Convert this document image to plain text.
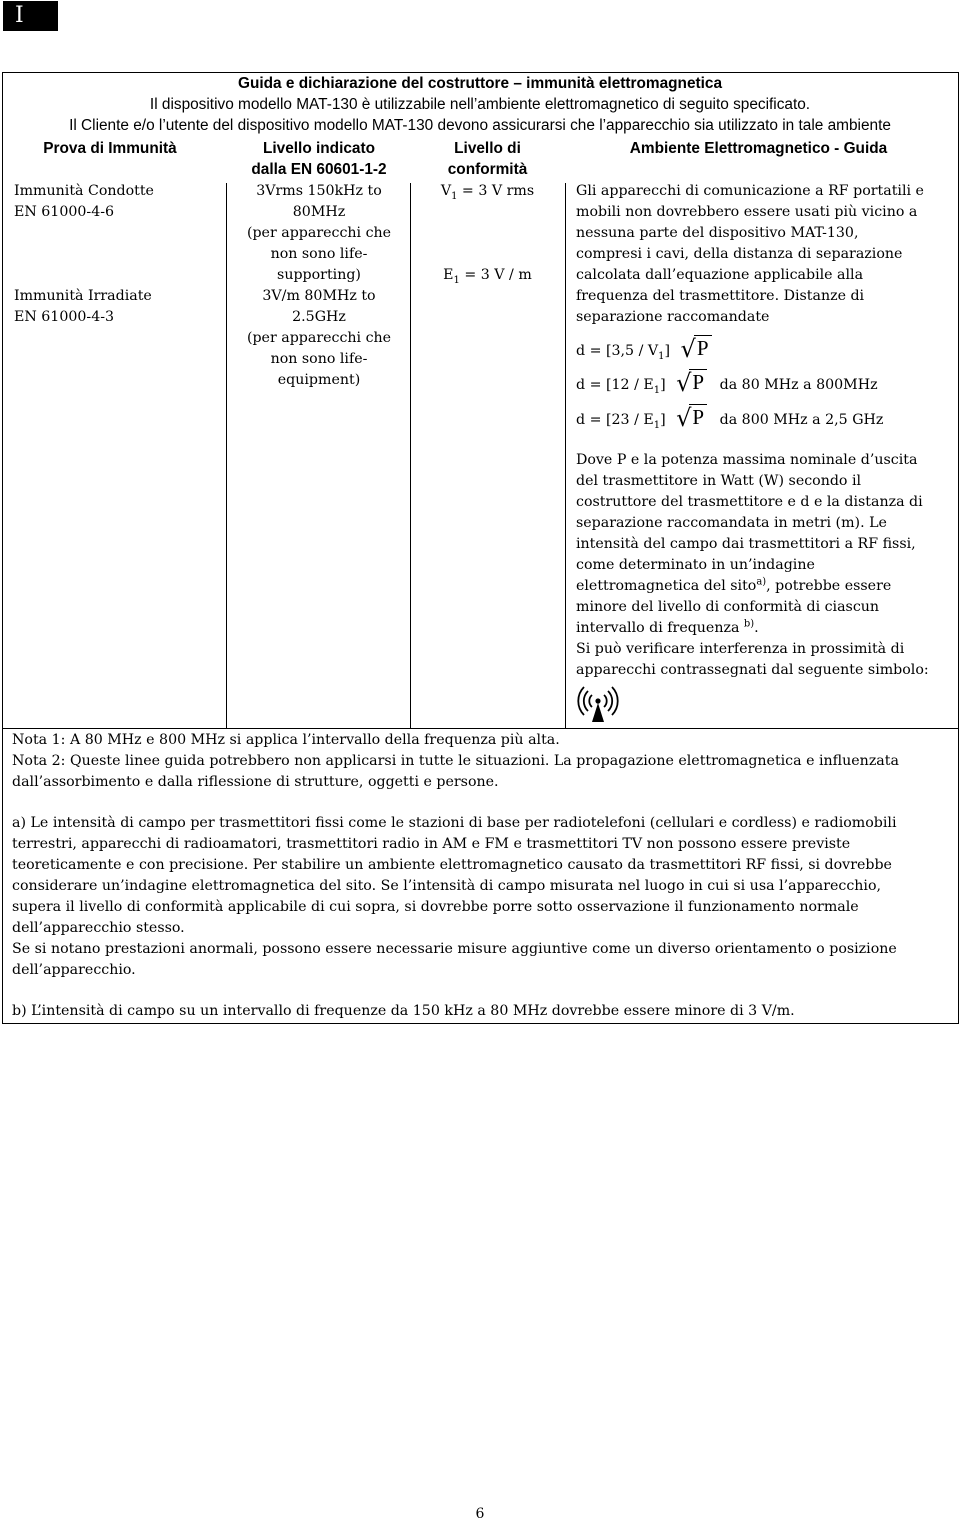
I
Guida e dichiarazione del costruttore – immunità elettromagnetica
Il dispositivo modello MAT-130 è utilizzabile nell’ambiente elettromagnetico di seguito specificato.
Il Cliente e/o l’utente del dispositivo modello MAT-130 devono assicurarsi che l’apparecchio sia utilizzato in tale ambiente
Prova di Immunità	Livello indicato
dalla EN 60601-1-2
Livello di
conformità
Ambiente Elettromagnetico - Guida
Immunità Condotte
EN 61000-4-6
Immunità Irradiate
EN 61000-4-3
3Vrms 150kHz to
80MHz
(per apparecchi che
non sono life-
supporting)
3V/m 80MHz to
2.5GHz
(per apparecchi che
non sono life-
equipment)
$V_1 = 3$ V rms
$E_1 = 3$ V / m
Gli apparecchi di comunicazione a RF portatili e
mobili non dovrebbero essere usati più vicino a
nessuna parte del dispositivo MAT-130,
compresi i cavi, della distanza di separazione
calcolata dall’equazione applicabile alla
frequenza del trasmettitore. Distanze di
separazione raccomandate
$d = [3,5 / V_1]$ √P
$d = [12 / E_1]$ √P da 80 MHz a 800MHz
$d = [23 / E_1]$ √P da 800 MHz a 2,5 GHz
Dove P e la potenza massima nominale d’uscita
del trasmettitore in Watt (W) secondo il
costruttore del trasmettitore e d e la distanza di
separazione raccomandata in metri (m). Le
intensità del campo dai trasmettitori a RF fissi,
come determinato in un’indagine
elettromagnetica del sito$^{a)}$, potrebbe essere
minore del livello di conformità di ciascun
intervallo di frequenza $^{b)}$.
Si può verificare interferenza in prossimità di
apparecchi contrassegnati dal seguente simbolo:
Nota 1: A 80 MHz e 800 MHz si applica l’intervallo della frequenza più alta.
Nota 2: Queste linee guida potrebbero non applicarsi in tutte le situazioni. La propagazione elettromagnetica e influenzata
dall’assorbimento e dalla riflessione di strutture, oggetti e persone.
a) Le intensità di campo per trasmettitori fissi come le stazioni di base per radiotelefoni (cellulari e cordless) e radiomobili
terrestri, apparecchi di radioamatori, trasmettitori radio in AM e FM e trasmettitori TV non possono essere previste
teoreticamente e con precisione. Per stabilire un ambiente elettromagnetico causato da trasmettitori RF fissi, si dovrebbe
considerare un’indagine elettromagnetica del sito. Se l’intensità di campo misurata nel luogo in cui si usa l’apparecchio,
supera il livello di conformità applicabile di cui sopra, si dovrebbe porre sotto osservazione il funzionamento normale
dell’apparecchio stesso.
Se si notano prestazioni anormali, possono essere necessarie misure aggiuntive come un diverso orientamento o posizione
dell’apparecchio.
b) L’intensità di campo su un intervallo di frequenze da 150 kHz a 80 MHz dovrebbe essere minore di 3 V/m.
6
